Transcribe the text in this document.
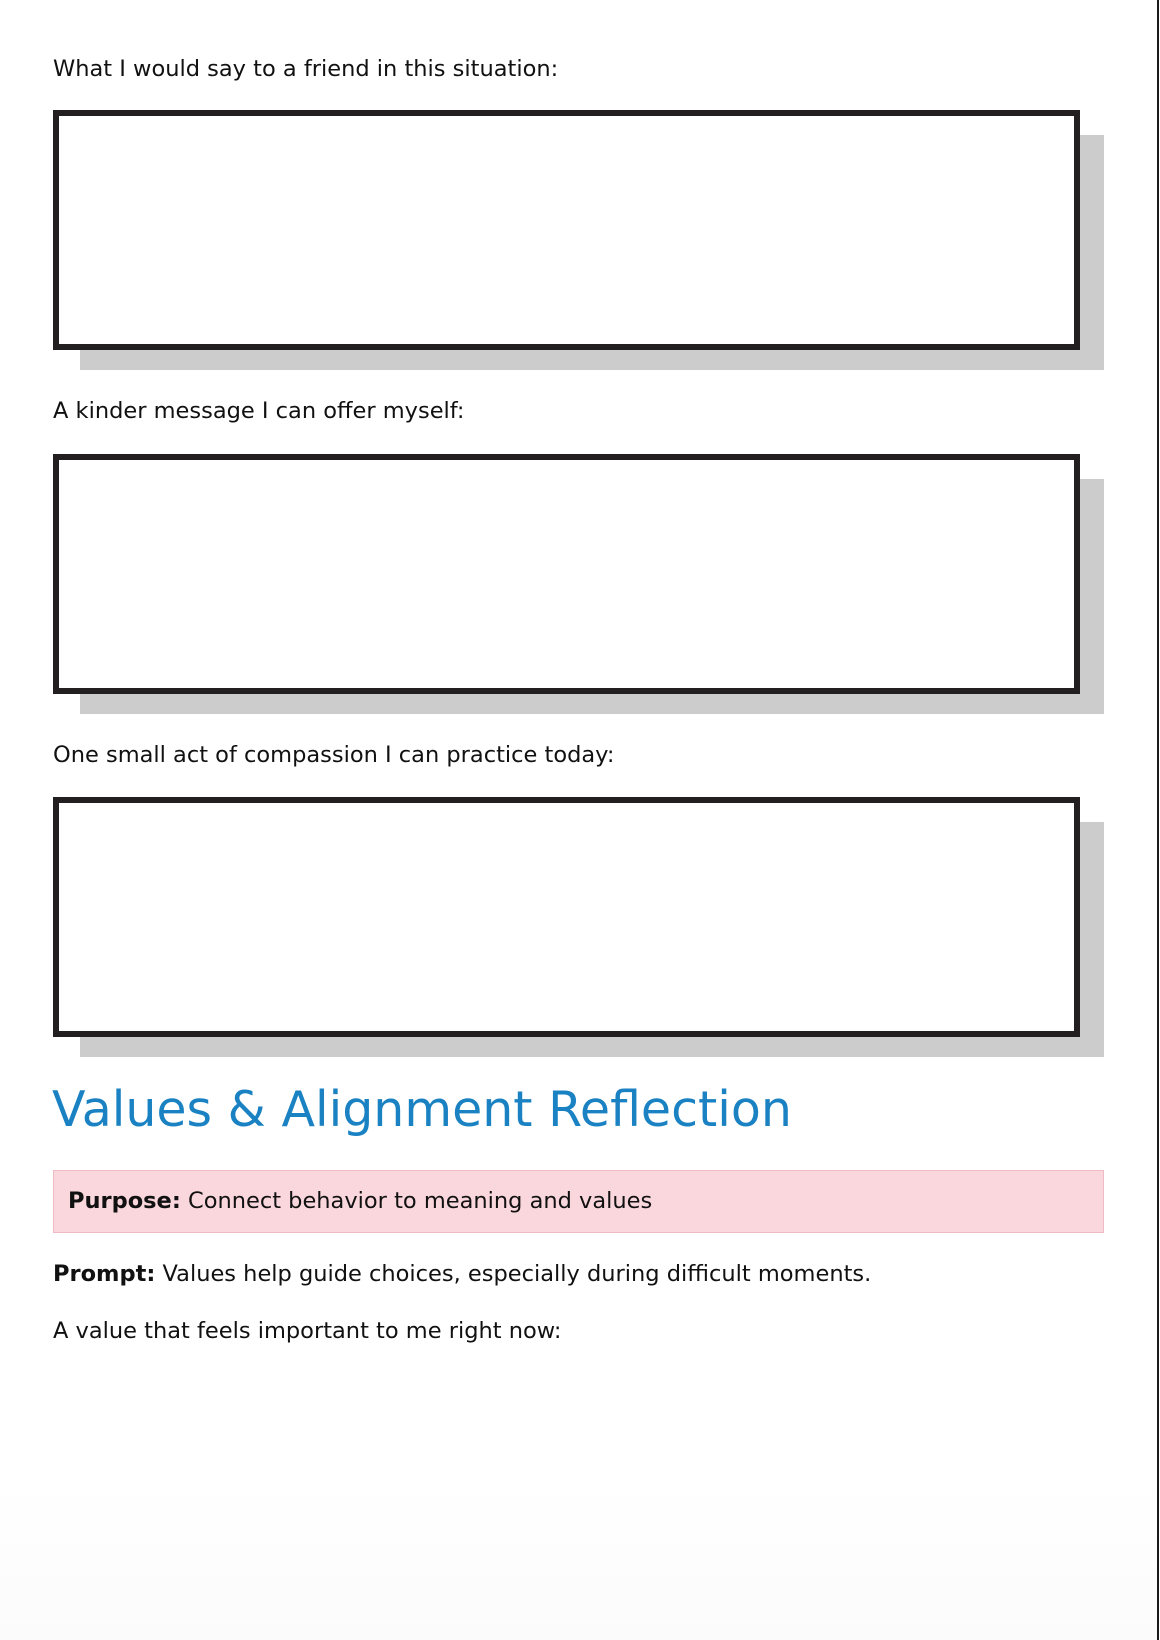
What I would say to a friend in this situation:

A kinder message I can offer myself:

One small act of compassion I can practice today:

Values & Alignment Reflection
Purpose: Connect behavior to meaning and values

Prompt: Values help guide choices, especially during difficult moments.

A value that feels important to me right now:
